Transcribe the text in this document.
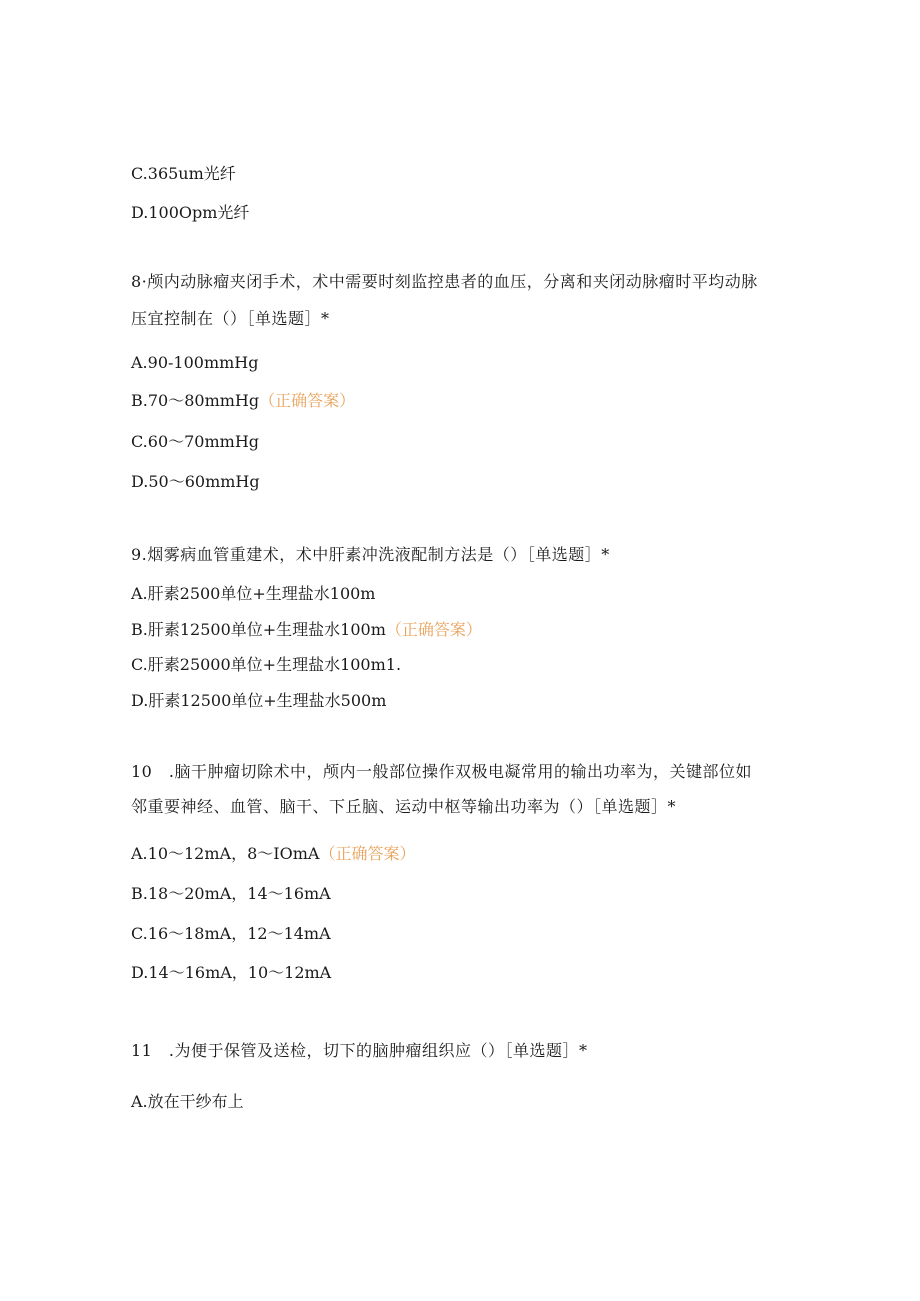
C.365um光纤
D.100Opm光纤
8·颅内动脉瘤夹闭手术，术中需要时刻监控患者的血压，分离和夹闭动脉瘤时平均动脉
压宜控制在（）［单选题］*
A.90-100mmHg
B.70～80mmHg（正确答案）
C.60～70mmHg
D.50～60mmHg
9.烟雾病血管重建术，术中肝素冲洗液配制方法是（）［单选题］*
A.肝素2500单位+生理盐水100m
B.肝素12500单位+生理盐水100m（正确答案）
C.肝素25000单位+生理盐水100m1.
D.肝素12500单位+生理盐水500m
10　.脑干肿瘤切除术中，颅内一般部位操作双极电凝常用的输出功率为，关键部位如
邻重要神经、血管、脑干、下丘脑、运动中枢等输出功率为（）［单选题］*
A.10～12mA，8～IOmA（正确答案）
B.18～20mA，14～16mA
C.16～18mA，12～14mA
D.14～16mA，10～12mA
11　.为便于保管及送检，切下的脑肿瘤组织应（）［单选题］*
A.放在干纱布上
